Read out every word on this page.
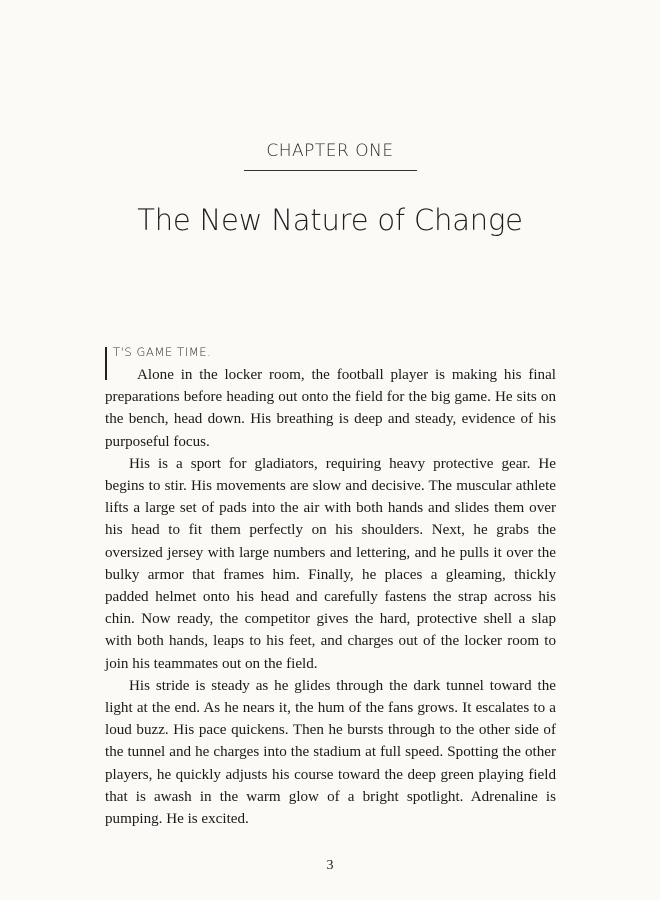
CHAPTER ONE
The New Nature of Change
T'S GAME TIME.

Alone in the locker room, the football player is making his final preparations before heading out onto the field for the big game. He sits on the bench, head down. His breathing is deep and steady, evidence of his purposeful focus.

His is a sport for gladiators, requiring heavy protective gear. He begins to stir. His movements are slow and decisive. The muscular athlete lifts a large set of pads into the air with both hands and slides them over his head to fit them perfectly on his shoulders. Next, he grabs the oversized jersey with large numbers and lettering, and he pulls it over the bulky armor that frames him. Finally, he places a gleaming, thickly padded helmet onto his head and carefully fastens the strap across his chin. Now ready, the competitor gives the hard, protective shell a slap with both hands, leaps to his feet, and charges out of the locker room to join his teammates out on the field.

His stride is steady as he glides through the dark tunnel toward the light at the end. As he nears it, the hum of the fans grows. It escalates to a loud buzz. His pace quickens. Then he bursts through to the other side of the tunnel and he charges into the stadium at full speed. Spotting the other players, he quickly adjusts his course toward the deep green playing field that is awash in the warm glow of a bright spotlight. Adrenaline is pumping. He is excited.

3
